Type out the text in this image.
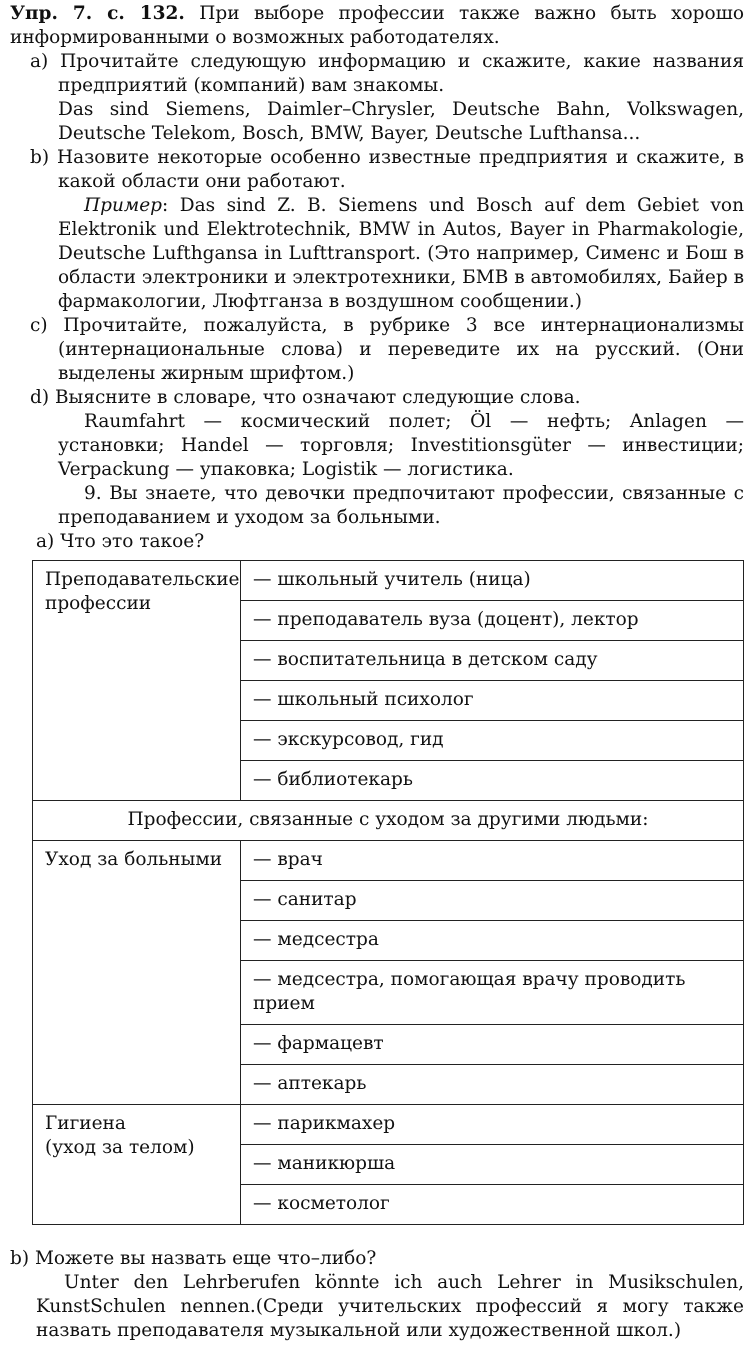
Упр. 7. с. 132. При выборе профессии также важно быть хорошо информированными о возможных работодателях.

a) Прочитайте следующую информацию и скажите, какие названия предприятий (компаний) вам знакомы.

Das sind Siemens, Daimler–Chrysler, Deutsche Bahn, Volkswagen, Deutsche Telekom, Bosch, BMW, Bayer, Deutsche Lufthansa...

b) Назовите некоторые особенно известные предприятия и скажите, в какой области они работают.

Пример: Das sind Z. B. Siemens und Bosch auf dem Gebiet von Elektronik und Elektrotechnik, BMW in Autos, Bayer in Pharmakologie, Deutsche Lufthgansa in Lufttransport. (Это например, Сименс и Бош в области электроники и электротехники, БМВ в автомобилях, Байер в фармакологии, Люфтганза в воздушном сообщении.)

c) Прочитайте, пожалуйста, в рубрике 3 все интернационализмы (интернациональные слова) и переведите их на русский. (Они выделены жирным шрифтом.)

d) Выясните в словаре, что означают следующие слова.

Raumfahrt — космический полет; Öl — нефть; Anlagen — установки; Handel — торговля; Investitionsgüter — инвестиции; Verpackung — упаковка; Logistik — логистика.

9. Вы знаете, что девочки предпочитают профессии, связанные с преподаванием и уходом за больными.

a) Что это такое?

Преподавательские профессии	— школьный учитель (ница)
	— преподаватель вуза (доцент), лектор
	— воспитательница в детском саду
	— школьный психолог
	— экскурсовод, гид
	— библиотекарь
Профессии, связанные с уходом за другими людьми:	
Уход за больными	— врач
	— санитар
	— медсестра
	— медсестра, помогающая врачу проводить прием
	— фармацевт
	— аптекарь
Гигиена
(уход за телом)	— парикмахер
	— маникюрша
	— косметолог

b) Можете вы назвать еще что–либо?

Unter den Lehrberufen könnte ich auch Lehrer in Musikschulen, KunstSchulen nennen.(Среди учительских профессий я могу также назвать преподавателя музыкальной или художественной школ.)
